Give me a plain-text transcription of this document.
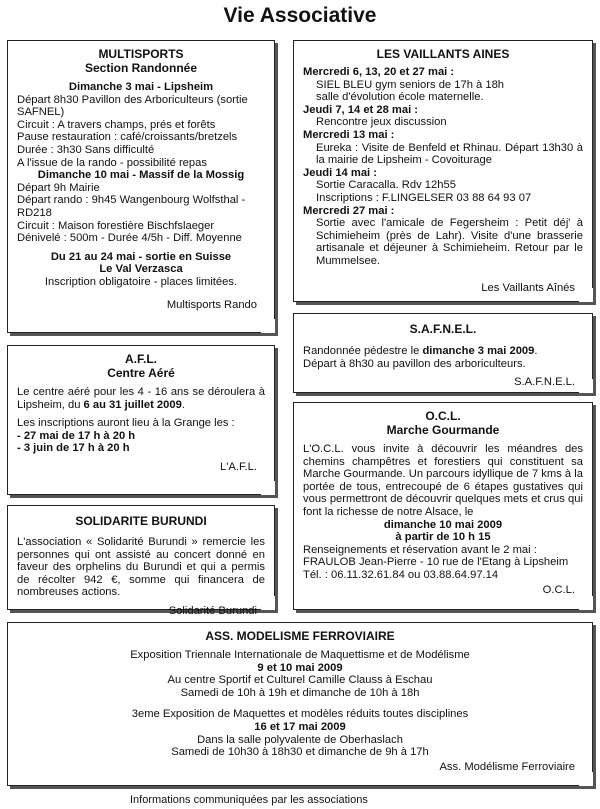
Vie Associative
MULTISPORTS
Section Randonnée
Dimanche 3 mai - Lipsheim
Départ 8h30 Pavillon des Arboriculteurs (sortie SAFNEL)
Circuit : A travers champs, prés et forêts
Pause restauration : café/croissants/bretzels
Durée : 3h30 Sans difficulté
A l'issue de la rando - possibilité repas
Dimanche 10 mai - Massif de la Mossig
Départ 9h Mairie
Départ rando : 9h45 Wangenbourg Wolfsthal - RD218
Circuit : Maison forestière Bischfslaeger
Dénivelé : 500m - Durée 4/5h - Diff. Moyenne
Du 21 au 24 mai - sortie en Suisse
Le Val Verzasca
Inscription obligatoire - places limitées.
Multisports Rando
A.F.L.
Centre Aéré
Le centre aéré pour les 4 - 16 ans se déroulera à Lipsheim, du 6 au 31 juillet 2009.
Les inscriptions auront lieu à la Grange les :
- 27 mai de 17 h à 20 h
- 3 juin de 17 h à 20 h
L'A.F.L.
SOLIDARITE BURUNDI
L'association « Solidarité Burundi » remercie les personnes qui ont assisté au concert donné en faveur des orphelins du Burundi et qui a permis de récolter 942 €, somme qui financera de nombreuses actions.
Solidarité Burundi
LES VAILLANTS AINES
Mercredi 6, 13, 20 et 27 mai :
SIEL BLEU gym seniors de 17h à 18h
salle d'évolution école maternelle.
Jeudi 7, 14 et 28 mai :
Rencontre jeux discussion
Mercredi 13 mai :
Eureka : Visite de Benfeld et Rhinau. Départ 13h30 à la mairie de Lipsheim - Covoiturage
Jeudi 14 mai :
Sortie Caracalla. Rdv 12h55
Inscriptions : F.LINGELSER 03 88 64 93 07
Mercredi 27 mai :
Sortie avec l'amicale de Fegersheim : Petit déj' à Schimieheim (près de Lahr). Visite d'une brasserie artisanale et déjeuner à Schimieheim. Retour par le Mummelsee.
Les Vaillants Aînés
S.A.F.N.E.L.
Randonnée pédestre le dimanche 3 mai 2009.
Départ à 8h30 au pavillon des arboriculteurs.
S.A.F.N.E.L.
O.C.L.
Marche Gourmande
L'O.C.L. vous invite à découvrir les méandres des chemins champêtres et forestiers qui constituent sa Marche Gourmande. Un parcours idyllique de 7 kms à la portée de tous, entrecoupé de 6 étapes gustatives qui vous permettront de découvrir quelques mets et crus qui font la richesse de notre Alsace, le
dimanche 10 mai 2009
à partir de 10 h 15
Renseignements et réservation avant le 2 mai :
FRAULOB Jean-Pierre - 10 rue de l'Etang à Lipsheim
Tél. : 06.11.32.61.84 ou 03.88.64.97.14
O.C.L.
ASS. MODELISME FERROVIAIRE
Exposition Triennale Internationale de Maquettisme et de Modélisme
9 et 10 mai 2009
Au centre Sportif et Culturel Camille Clauss à Eschau
Samedi de 10h à 19h et dimanche de 10h à 18h
3eme Exposition de Maquettes et modèles réduits toutes disciplines
16 et 17 mai 2009
Dans la salle polyvalente de Oberhaslach
Samedi de 10h30 à 18h30 et dimanche de 9h à 17h
Ass. Modélisme Ferroviaire
Informations communiquées par les associations
